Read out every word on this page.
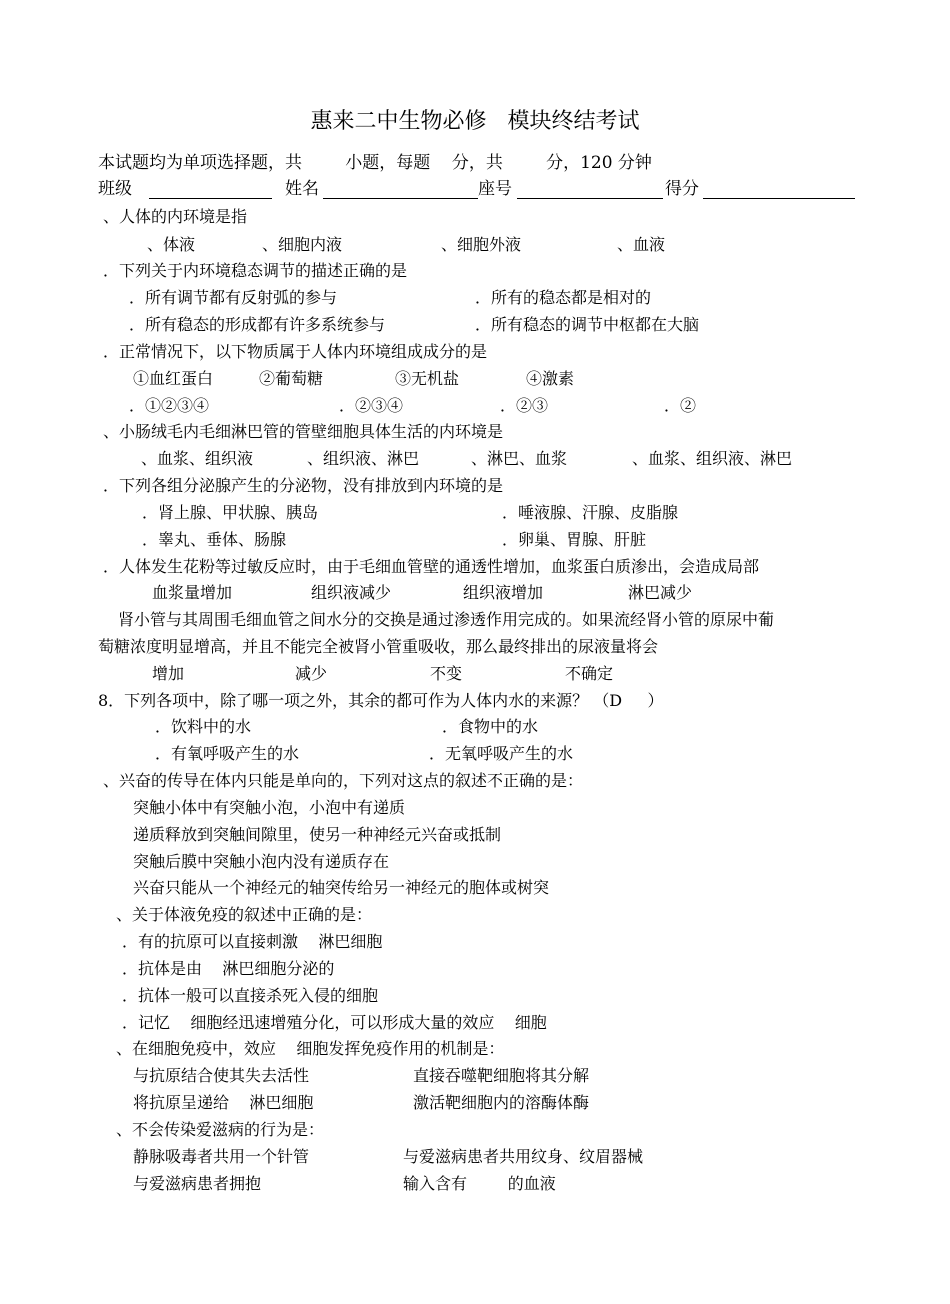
惠来二中生物必修   模块终结考试
本试题均为单项选择题，共        小题，每题    分，共        分，120 分钟
班级	姓名	座号	得分
、人体的内环境是指
、体液	、细胞内液	、细胞外液	、血液
．下列关于内环境稳态调节的描述正确的是
．所有调节都有反射弧的参与	．所有的稳态都是相对的
．所有稳态的形成都有许多系统参与	．所有稳态的调节中枢都在大脑
．正常情况下，以下物质属于人体内环境组成成分的是
①血红蛋白	②葡萄糖	③无机盐	④激素
．①②③④	．②③④	．②③	．②
、小肠绒毛内毛细淋巴管的管壁细胞具体生活的内环境是
、血浆、组织液	、组织液、淋巴	、淋巴、血浆	、血浆、组织液、淋巴
．下列各组分泌腺产生的分泌物，没有排放到内环境的是
．肾上腺、甲状腺、胰岛	．唾液腺、汗腺、皮脂腺
．睾丸、垂体、肠腺	．卵巢、胃腺、肝脏
．人体发生花粉等过敏反应时，由于毛细血管壁的通透性增加，血浆蛋白质渗出，会造成局部
血浆量增加	组织液减少	组织液增加	淋巴减少
肾小管与其周围毛细血管之间水分的交换是通过渗透作用完成的。如果流经肾小管的原尿中葡
萄糖浓度明显增高，并且不能完全被肾小管重吸收，那么最终排出的尿液量将会
增加	减少	不变	不确定
8．下列各项中，除了哪一项之外，其余的都可作为人体内水的来源？ （D     ）
．饮料中的水	．食物中的水
．有氧呼吸产生的水	．无氧呼吸产生的水
、兴奋的传导在体内只能是单向的，下列对这点的叙述不正确的是：
突触小体中有突触小泡，小泡中有递质
递质释放到突触间隙里，使另一种神经元兴奋或抵制
突触后膜中突触小泡内没有递质存在
兴奋只能从一个神经元的轴突传给另一神经元的胞体或树突
、关于体液免疫的叙述中正确的是：
．有的抗原可以直接刺激    淋巴细胞
．抗体是由    淋巴细胞分泌的
．抗体一般可以直接杀死入侵的细胞
．记忆    细胞经迅速增殖分化，可以形成大量的效应    细胞
、在细胞免疫中，效应    细胞发挥免疫作用的机制是：
与抗原结合使其失去活性	直接吞噬靶细胞将其分解
将抗原呈递给    淋巴细胞	激活靶细胞内的溶酶体酶
、不会传染爱滋病的行为是：
静脉吸毒者共用一个针管	与爱滋病患者共用纹身、纹眉器械
与爱滋病患者拥抱	输入含有        的血液
